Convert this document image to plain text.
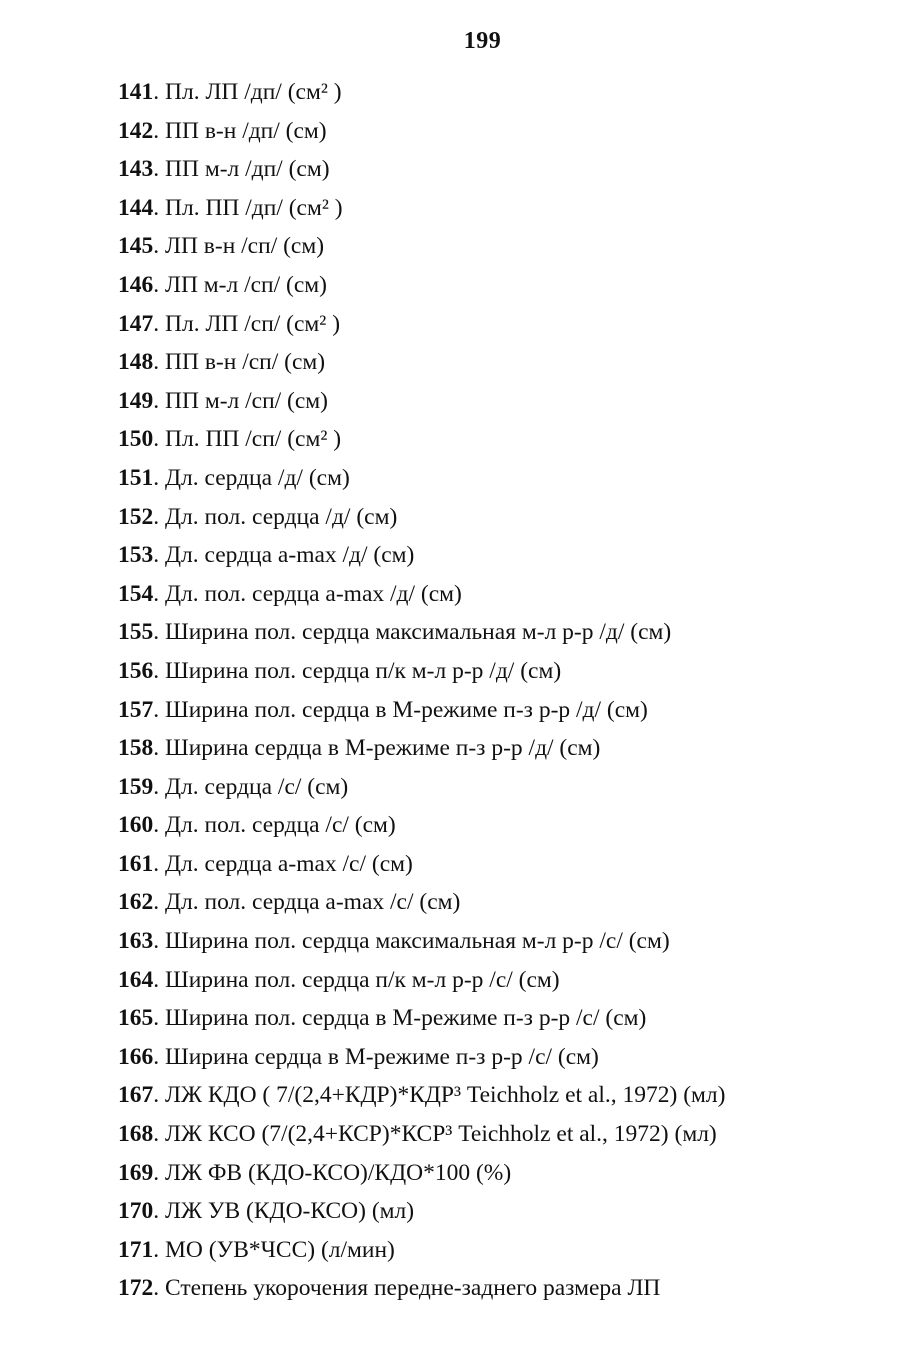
199
141. Пл. ЛП /дп/ (см² )
142. ПП в-н /дп/ (см)
143. ПП м-л /дп/ (см)
144. Пл. ПП /дп/ (см² )
145. ЛП в-н /сп/ (см)
146. ЛП м-л /сп/ (см)
147. Пл. ЛП /сп/ (см² )
148. ПП в-н /сп/ (см)
149. ПП м-л /сп/ (см)
150. Пл. ПП /сп/ (см² )
151. Дл. сердца /д/ (см)
152. Дл. пол. сердца /д/ (см)
153. Дл. сердца a-max /д/ (см)
154. Дл. пол. сердца a-max /д/ (см)
155. Ширина пол. сердца максимальная м-л р-р /д/ (см)
156. Ширина пол. сердца п/к м-л р-р /д/ (см)
157. Ширина пол. сердца в М-режиме п-з р-р /д/ (см)
158. Ширина сердца в М-режиме п-з р-р /д/ (см)
159. Дл. сердца /с/ (см)
160. Дл. пол. сердца /с/ (см)
161. Дл. сердца a-max /с/ (см)
162. Дл. пол. сердца a-max /с/ (см)
163. Ширина пол. сердца максимальная м-л р-р /с/ (см)
164. Ширина пол. сердца п/к м-л р-р /с/ (см)
165. Ширина пол. сердца в М-режиме п-з р-р /с/ (см)
166. Ширина сердца в М-режиме п-з р-р /с/ (см)
167. ЛЖ КДО ( 7/(2,4+КДР)*КДР³ Teichholz et al., 1972) (мл)
168. ЛЖ КСО (7/(2,4+КСР)*КСР³ Teichholz et al., 1972) (мл)
169. ЛЖ ФВ (КДО-КСО)/КДО*100 (%)
170. ЛЖ УВ (КДО-КСО) (мл)
171. МО (УВ*ЧСС) (л/мин)
172. Степень укорочения передне-заднего размера ЛП
